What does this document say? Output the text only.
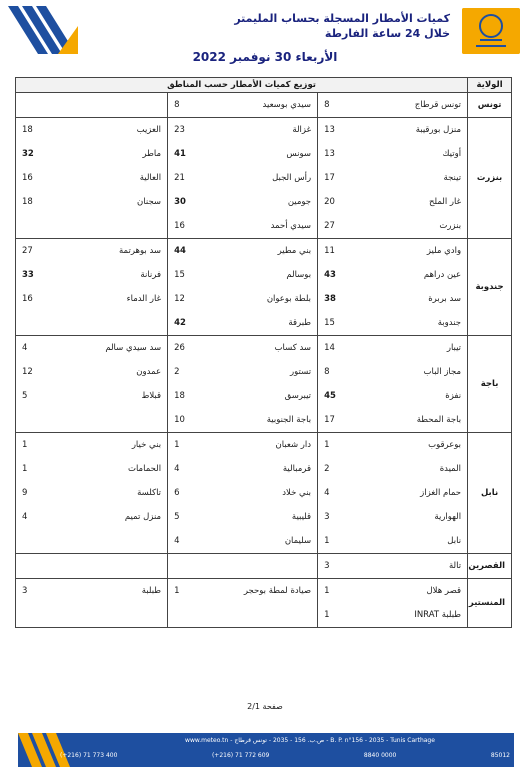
كميات الأمطار المسجلة بحساب المليمتر
خلال 24 ساعة الفارطة
الأربعاء 30 نوفمبر 2022
الولاية	توزيع كميات الأمطار حسب المناطق					
تونس	تونس قرطاج	8	سيدي بوسعيد	8		
بنزرت	منزل بورقيبة	13	غزالة	23	العزيب	18
	أوتيك	13	سونس	41	ماطر	32
	تينجة	17	رأس الجبل	21	العالية	16
	غار الملح	20	جومين	30	سجنان	18
	بنزرت	27	سيدي أحمد	16		
جندوبة	وادي مليز	11	بني مطير	44	سد بوهرتمة	27
	عين دراهم	43	بوسالم	15	فرنانة	33
	سد بربرة	38	بلطة بوعوان	12	غار الدماء	16
	جندوبة	15	طبرقة	42		
باجة	تيبار	14	سد كساب	26	سد سيدي سالم	4
	مجاز الباب	8	تستور	2	عمدون	12
	نفزة	45	تيبرسق	18	قبلاط	5
	باجة المحطة	17	باجة الجنوبية	10		
نابل	بوعرقوب	1	دار شعبان	1	بني خيار	1
	الميدة	2	قرمبالية	4	الحمامات	1
	حمام الغزاز	4	بني خلاد	6	تاكلسة	9
	الهوارية	3	قليبية	5	منزل تميم	4
	نابل	1	سليمان	4		
القصرين	تالة	3				
المنستير	قصر هلال	1	صيادة لمطة بوحجر	1	طبلبة	3
	طبلبة INRAT	1				
صفحة 2/1
B. P. n°156 - 2035 - Tunis Carthage - ص.ب. 156 - 2035 - تونس قرطاج - www.meteo.tn
(+216) 71 773 400	(+216) 71 772 609	8840 0000	85012
